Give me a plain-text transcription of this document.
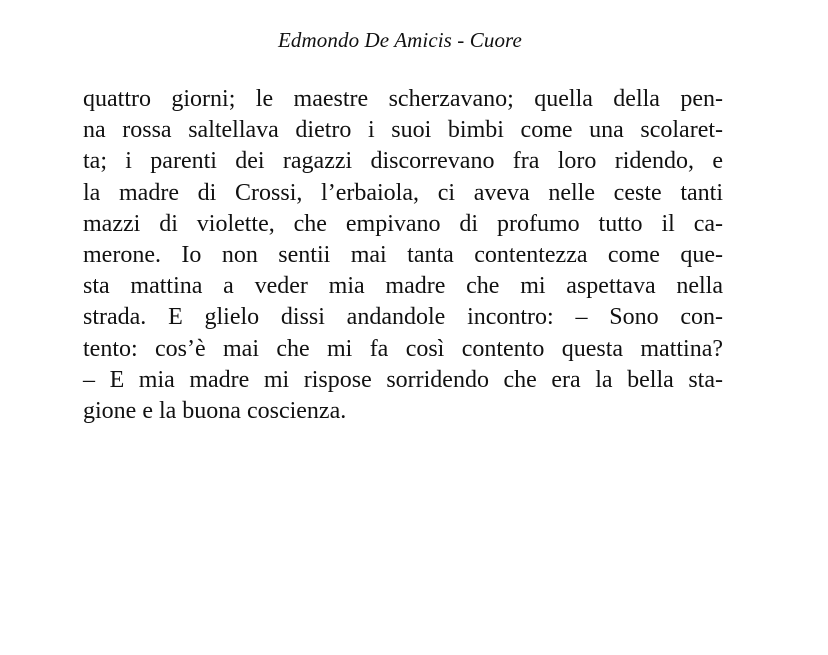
Edmondo De Amicis - Cuore
quattro giorni; le maestre scherzavano; quella della pen-
na rossa saltellava dietro i suoi bimbi come una scolaret-
ta; i parenti dei ragazzi discorrevano fra loro ridendo, e
la madre di Crossi, l’erbaiola, ci aveva nelle ceste tanti
mazzi di violette, che empivano di profumo tutto il ca-
merone. Io non sentii mai tanta contentezza come que-
sta mattina a veder mia madre che mi aspettava nella
strada. E glielo dissi andandole incontro: – Sono con-
tento: cos’è mai che mi fa così contento questa mattina?
– E mia madre mi rispose sorridendo che era la bella sta-
gione e la buona coscienza.
